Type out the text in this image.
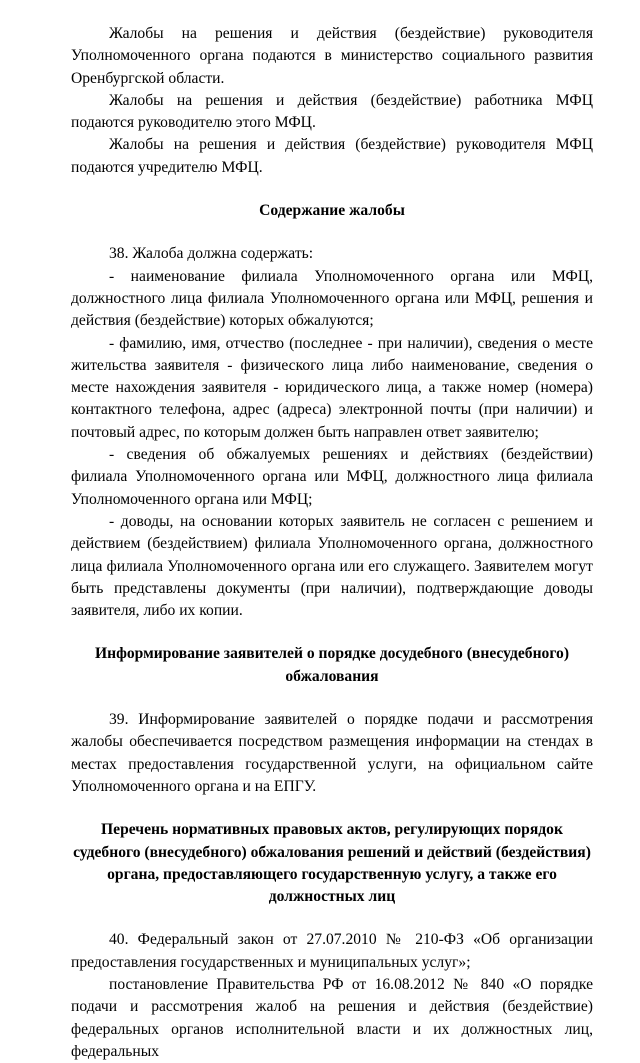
Жалобы на решения и действия (бездействие) руководителя Уполномоченного органа подаются в министерство социального развития Оренбургской области.

Жалобы на решения и действия (бездействие) работника МФЦ подаются руководителю этого МФЦ.

Жалобы на решения и действия (бездействие) руководителя МФЦ подаются учредителю МФЦ.

Содержание жалобы

38. Жалоба должна содержать:

- наименование филиала Уполномоченного органа или МФЦ, должностного лица филиала Уполномоченного органа или МФЦ, решения и действия (бездействие) которых обжалуются;

- фамилию, имя, отчество (последнее - при наличии), сведения о месте жительства заявителя - физического лица либо наименование, сведения о месте нахождения заявителя - юридического лица, а также номер (номера) контактного телефона, адрес (адреса) электронной почты (при наличии) и почтовый адрес, по которым должен быть направлен ответ заявителю;

- сведения об обжалуемых решениях и действиях (бездействии) филиала Уполномоченного органа или МФЦ, должностного лица филиала Уполномоченного органа или МФЦ;

- доводы, на основании которых заявитель не согласен с решением и действием (бездействием) филиала Уполномоченного органа, должностного лица филиала Уполномоченного органа или его служащего. Заявителем могут быть представлены документы (при наличии), подтверждающие доводы заявителя, либо их копии.

Информирование заявителей о порядке досудебного (внесудебного) обжалования

39. Информирование заявителей о порядке подачи и рассмотрения жалобы обеспечивается посредством размещения информации на стендах в местах предоставления государственной услуги, на официальном сайте Уполномоченного органа и на ЕПГУ.

Перечень нормативных правовых актов, регулирующих порядок судебного (внесудебного) обжалования решений и действий (бездействия) органа, предоставляющего государственную услугу, а также его должностных лиц

40. Федеральный закон от 27.07.2010 № 210-ФЗ «Об организации предоставления государственных и муниципальных услуг»;

постановление Правительства РФ от 16.08.2012 № 840 «О порядке подачи и рассмотрения жалоб на решения и действия (бездействие) федеральных органов исполнительной власти и их должностных лиц, федеральных
